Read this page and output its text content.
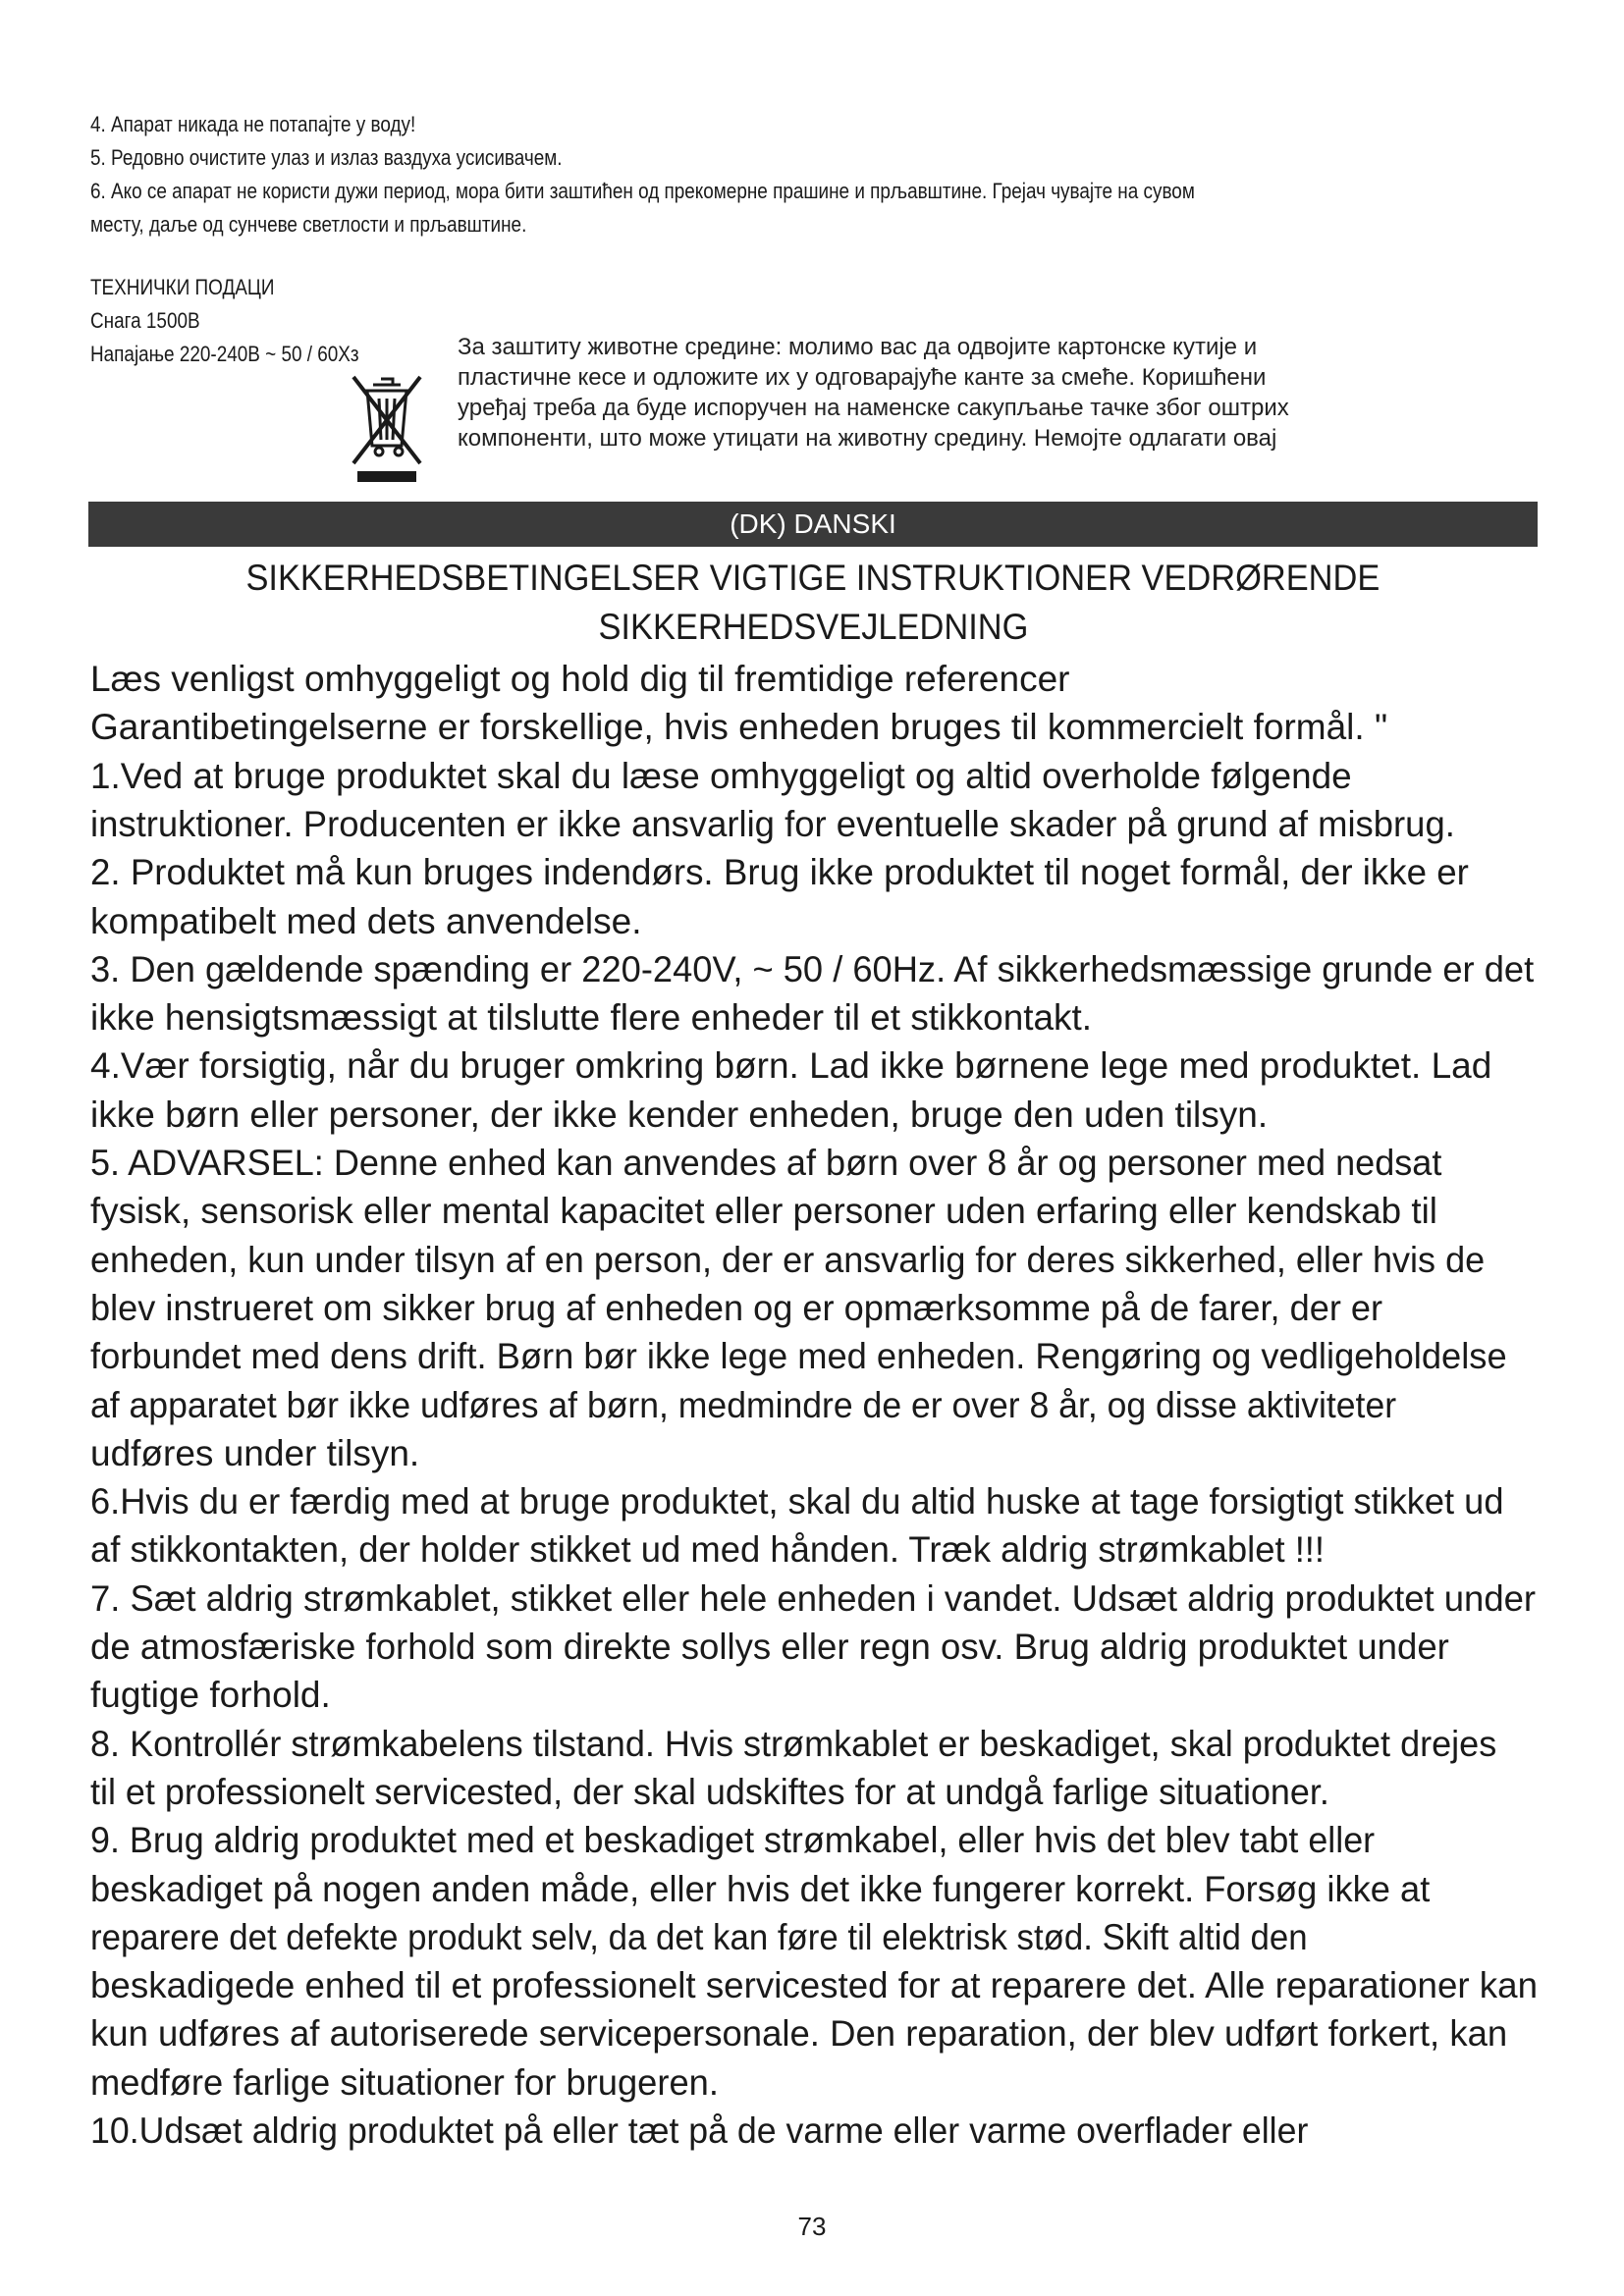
4. Апарат никада не потапајте у воду!
5. Редовно очистите улаз и излаз ваздуха усисивачем.
6. Ако се апарат не користи дужи период, мора бити заштићен од прекомерне прашине и прљавштине. Грејач чувајте на сувом
месту, даље од сунчеве светлости и прљавштине.
ТЕХНИЧКИ ПОДАЦИ
Снага 1500В
Напајање 220-240В ~ 50 / 60Хз	За заштиту животне средине: молимо вас да одвојите картонске кутије и
пластичне кесе и одложите их у одговарајуће канте за смеће. Коришћени
уређај треба да буде испоручен на наменске сакупљање тачке због оштрих
компоненти, што може утицати на животну средину. Немојте одлагати овај
(DK) DANSKI
SIKKERHEDSBETINGELSER VIGTIGE INSTRUKTIONER VEDRØRENDE
SIKKERHEDSVEJLEDNING
Læs venligst omhyggeligt og hold dig til fremtidige referencer
Garantibetingelserne er forskellige, hvis enheden bruges til kommercielt formål. "
1.Ved at bruge produktet skal du læse omhyggeligt og altid overholde følgende
instruktioner. Producenten er ikke ansvarlig for eventuelle skader på grund af misbrug.
2. Produktet må kun bruges indendørs. Brug ikke produktet til noget formål, der ikke er
kompatibelt med dets anvendelse.
3. Den gældende spænding er 220-240V, ~ 50 / 60Hz. Af sikkerhedsmæssige grunde er det
ikke hensigtsmæssigt at tilslutte flere enheder til et stikkontakt.
4.Vær forsigtig, når du bruger omkring børn. Lad ikke børnene lege med produktet. Lad
ikke børn eller personer, der ikke kender enheden, bruge den uden tilsyn.
5. ADVARSEL: Denne enhed kan anvendes af børn over 8 år og personer med nedsat
fysisk, sensorisk eller mental kapacitet eller personer uden erfaring eller kendskab til
enheden, kun under tilsyn af en person, der er ansvarlig for deres sikkerhed, eller hvis de
blev instrueret om sikker brug af enheden og er opmærksomme på de farer, der er
forbundet med dens drift. Børn bør ikke lege med enheden. Rengøring og vedligeholdelse
af apparatet bør ikke udføres af børn, medmindre de er over 8 år, og disse aktiviteter
udføres under tilsyn.
6.Hvis du er færdig med at bruge produktet, skal du altid huske at tage forsigtigt stikket ud
af stikkontakten, der holder stikket ud med hånden. Træk aldrig strømkablet !!!
7. Sæt aldrig strømkablet, stikket eller hele enheden i vandet. Udsæt aldrig produktet under
de atmosfæriske forhold som direkte sollys eller regn osv. Brug aldrig produktet under
fugtige forhold.
8. Kontrollér strømkabelens tilstand. Hvis strømkablet er beskadiget, skal produktet drejes
til et professionelt servicested, der skal udskiftes for at undgå farlige situationer.
9. Brug aldrig produktet med et beskadiget strømkabel, eller hvis det blev tabt eller
beskadiget på nogen anden måde, eller hvis det ikke fungerer korrekt. Forsøg ikke at
reparere det defekte produkt selv, da det kan føre til elektrisk stød. Skift altid den
beskadigede enhed til et professionelt servicested for at reparere det. Alle reparationer kan
kun udføres af autoriserede servicepersonale. Den reparation, der blev udført forkert, kan
medføre farlige situationer for brugeren.
10.Udsæt aldrig produktet på eller tæt på de varme eller varme overflader eller
73
